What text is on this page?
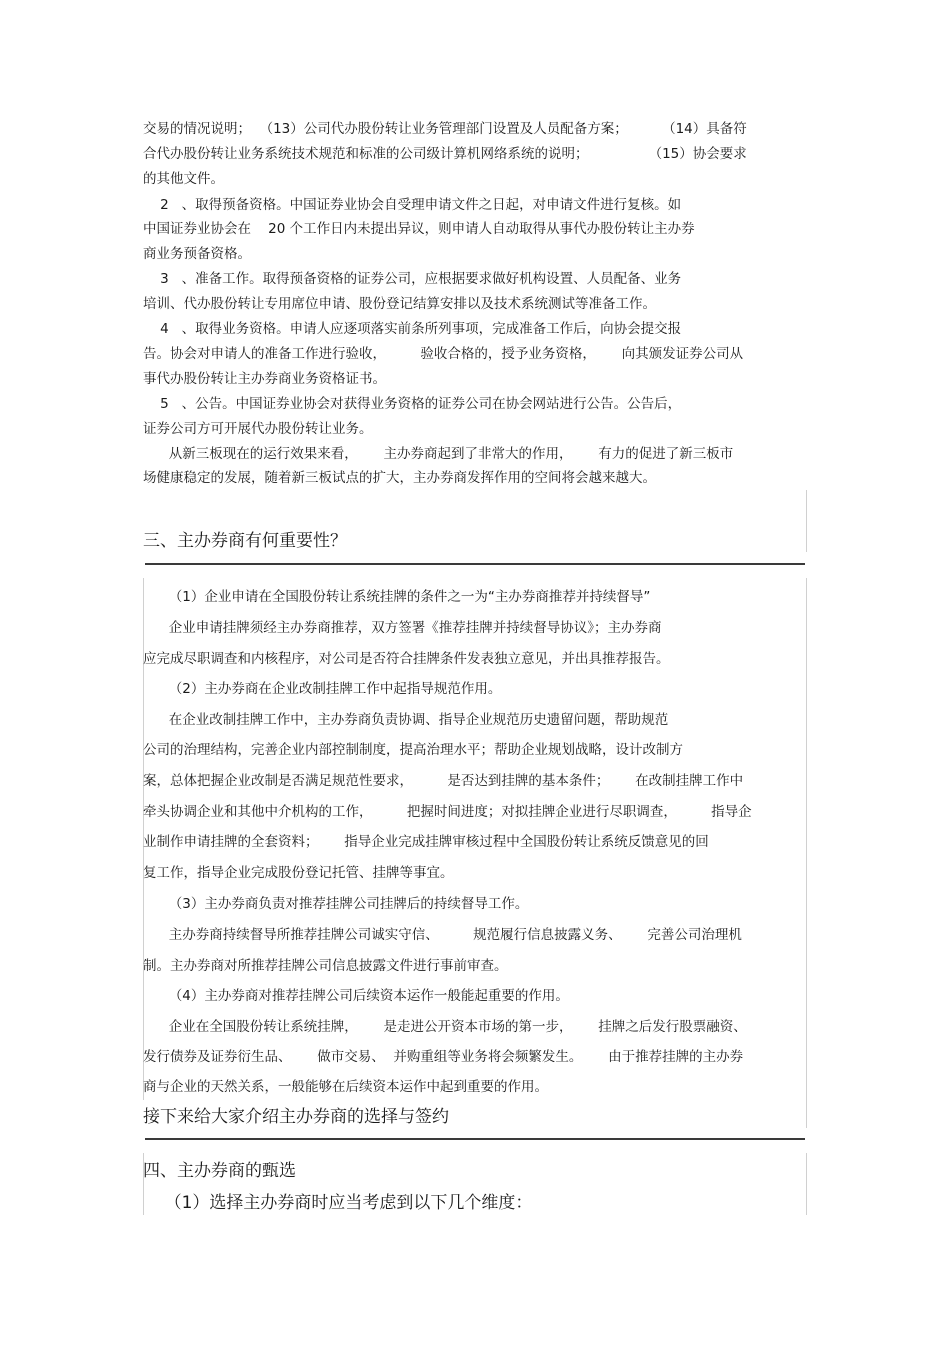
交易的情况说明；  （13）公司代办股份转让业务管理部门设置及人员配备方案；        （14）具备符
合代办股份转让业务系统技术规范和标准的公司级计算机网络系统的说明；              （15）协会要求
的其他文件。
2   、取得预备资格。中国证券业协会自受理申请文件之日起，对申请文件进行复核。如
中国证券业协会在    20 个工作日内未提出异议，则申请人自动取得从事代办股份转让主办券
商业务预备资格。
3   、准备工作。取得预备资格的证券公司，应根据要求做好机构设置、人员配备、业务
培训、代办股份转让专用席位申请、股份登记结算安排以及技术系统测试等准备工作。
4   、取得业务资格。申请人应逐项落实前条所列事项，完成准备工作后，向协会提交报
告。协会对申请人的准备工作进行验收，        验收合格的，授予业务资格，      向其颁发证券公司从
事代办股份转让主办券商业务资格证书。
5   、公告。中国证券业协会对获得业务资格的证券公司在协会网站进行公告。公告后，
证券公司方可开展代办股份转让业务。
从新三板现在的运行效果来看，      主办券商起到了非常大的作用，      有力的促进了新三板市
场健康稳定的发展，随着新三板试点的扩大，主办券商发挥作用的空间将会越来越大。
三、主办券商有何重要性？
（1）企业申请在全国股份转让系统挂牌的条件之一为“主办券商推荐并持续督导”
企业申请挂牌须经主办券商推荐，双方签署《推荐挂牌并持续督导协议》；主办券商
应完成尽职调查和内核程序，对公司是否符合挂牌条件发表独立意见，并出具推荐报告。
（2）主办券商在企业改制挂牌工作中起指导规范作用。
在企业改制挂牌工作中，主办券商负责协调、指导企业规范历史遗留问题，帮助规范
公司的治理结构，完善企业内部控制制度，提高治理水平；帮助企业规划战略，设计改制方
案，总体把握企业改制是否满足规范性要求，        是否达到挂牌的基本条件；      在改制挂牌工作中
牵头协调企业和其他中介机构的工作，        把握时间进度；对拟挂牌企业进行尽职调查，        指导企
业制作申请挂牌的全套资料；      指导企业完成挂牌审核过程中全国股份转让系统反馈意见的回
复工作，指导企业完成股份登记托管、挂牌等事宜。
（3）主办券商负责对推荐挂牌公司挂牌后的持续督导工作。
主办券商持续督导所推荐挂牌公司诚实守信、        规范履行信息披露义务、      完善公司治理机
制。主办券商对所推荐挂牌公司信息披露文件进行事前审查。
（4）主办券商对推荐挂牌公司后续资本运作一般能起重要的作用。
企业在全国股份转让系统挂牌，      是走进公开资本市场的第一步，      挂牌之后发行股票融资、
发行债券及证券衍生品、      做市交易、  并购重组等业务将会频繁发生。      由于推荐挂牌的主办券
商与企业的天然关系，一般能够在后续资本运作中起到重要的作用。
接下来给大家介绍主办券商的选择与签约
四、主办券商的甄选
（1）选择主办券商时应当考虑到以下几个维度：
